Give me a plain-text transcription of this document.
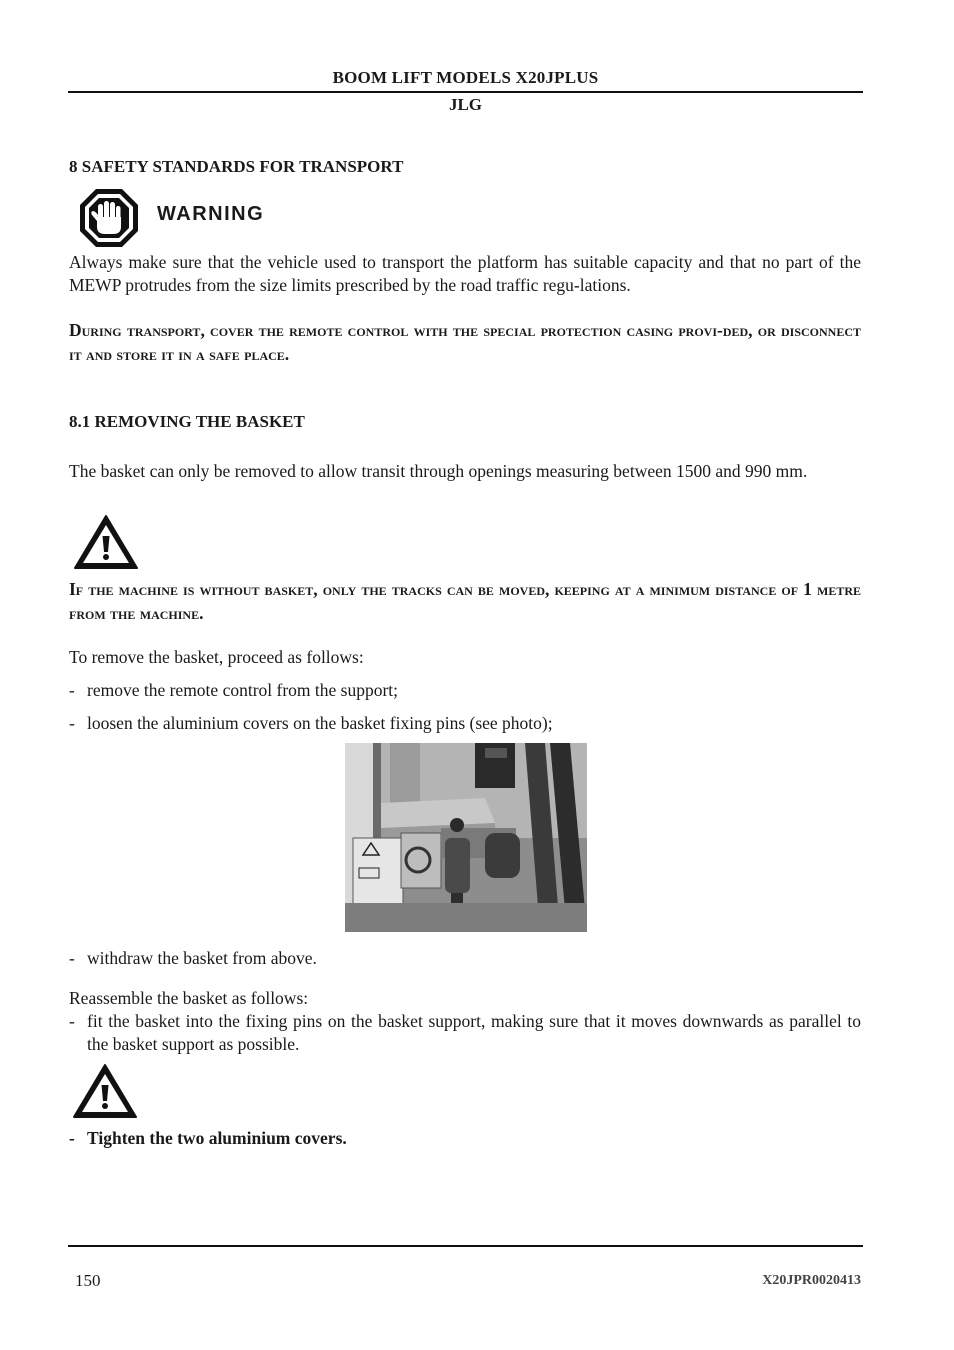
BOOM LIFT MODELS X20JPLUS
JLG
8 SAFETY STANDARDS FOR TRANSPORT
WARNING
Always make sure that the vehicle used to transport the platform has suitable capacity and that no part of the MEWP protrudes from the size limits prescribed by the road traffic regu-lations.
During transport, cover the remote control with the special protection casing provi-ded, or disconnect it and store it in a safe place.
8.1 REMOVING THE BASKET
The basket can only be removed to allow transit through openings measuring between 1500 and 990 mm.
If the machine is without basket, only the tracks can be moved, keeping at a minimum distance of 1 metre from the machine.
To remove the basket, proceed as follows:
- remove the remote control from the support;
- loosen the aluminium covers on the basket fixing pins (see photo);
- withdraw the basket from above.
Reassemble the basket as follows:
- fit the basket into the fixing pins on the basket support, making sure that it moves downwards as parallel to the basket support as possible.
- Tighten the two aluminium covers.
150	X20JPR0020413
